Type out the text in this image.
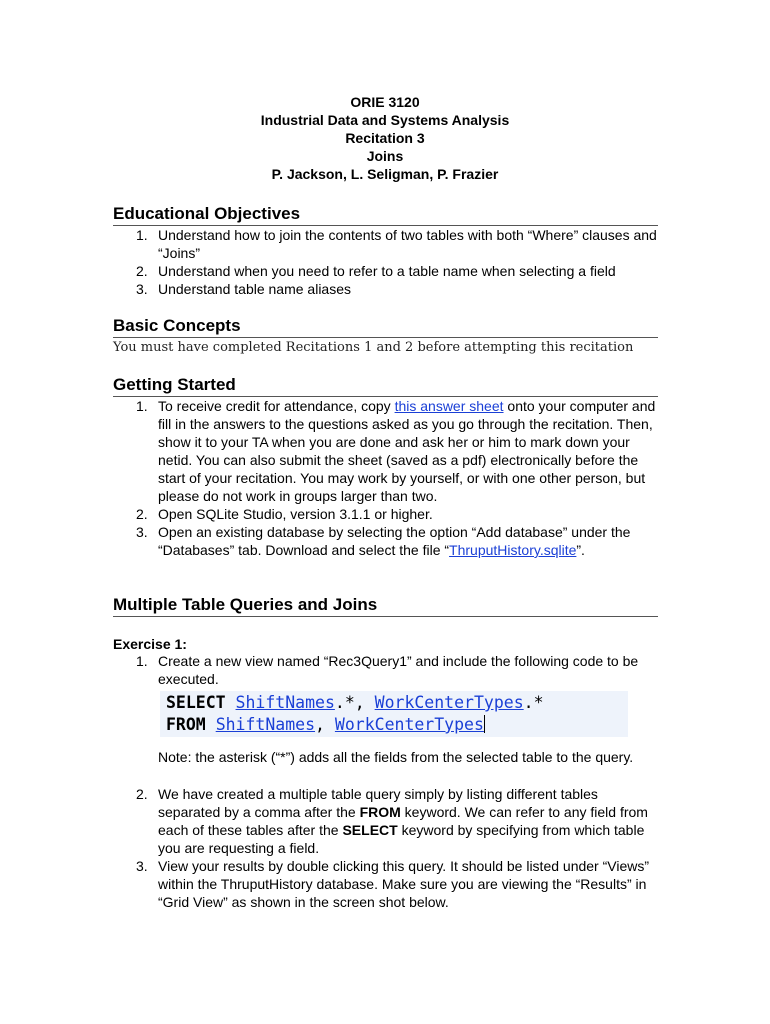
ORIE 3120
Industrial Data and Systems Analysis
Recitation 3
Joins
P. Jackson, L. Seligman, P. Frazier
Educational Objectives
1. Understand how to join the contents of two tables with both “Where” clauses and “Joins”
2. Understand when you need to refer to a table name when selecting a field
3. Understand table name aliases
Basic Concepts
You must have completed Recitations 1 and 2 before attempting this recitation
Getting Started
1. To receive credit for attendance, copy this answer sheet onto your computer and fill in the answers to the questions asked as you go through the recitation. Then, show it to your TA when you are done and ask her or him to mark down your netid. You can also submit the sheet (saved as a pdf) electronically before the start of your recitation. You may work by yourself, or with one other person, but please do not work in groups larger than two.
2. Open SQLite Studio, version 3.1.1 or higher.
3. Open an existing database by selecting the option “Add database” under the “Databases” tab. Download and select the file “ThruputHistory.sqlite”.
Multiple Table Queries and Joins
Exercise 1:
1. Create a new view named “Rec3Query1” and include the following code to be executed.
SELECT ShiftNames.*, WorkCenterTypes.*
FROM ShiftNames, WorkCenterTypes
Note: the asterisk (“*”) adds all the fields from the selected table to the query.
2. We have created a multiple table query simply by listing different tables separated by a comma after the FROM keyword. We can refer to any field from each of these tables after the SELECT keyword by specifying from which table you are requesting a field.
3. View your results by double clicking this query. It should be listed under “Views” within the ThruputHistory database. Make sure you are viewing the “Results” in “Grid View” as shown in the screen shot below.
